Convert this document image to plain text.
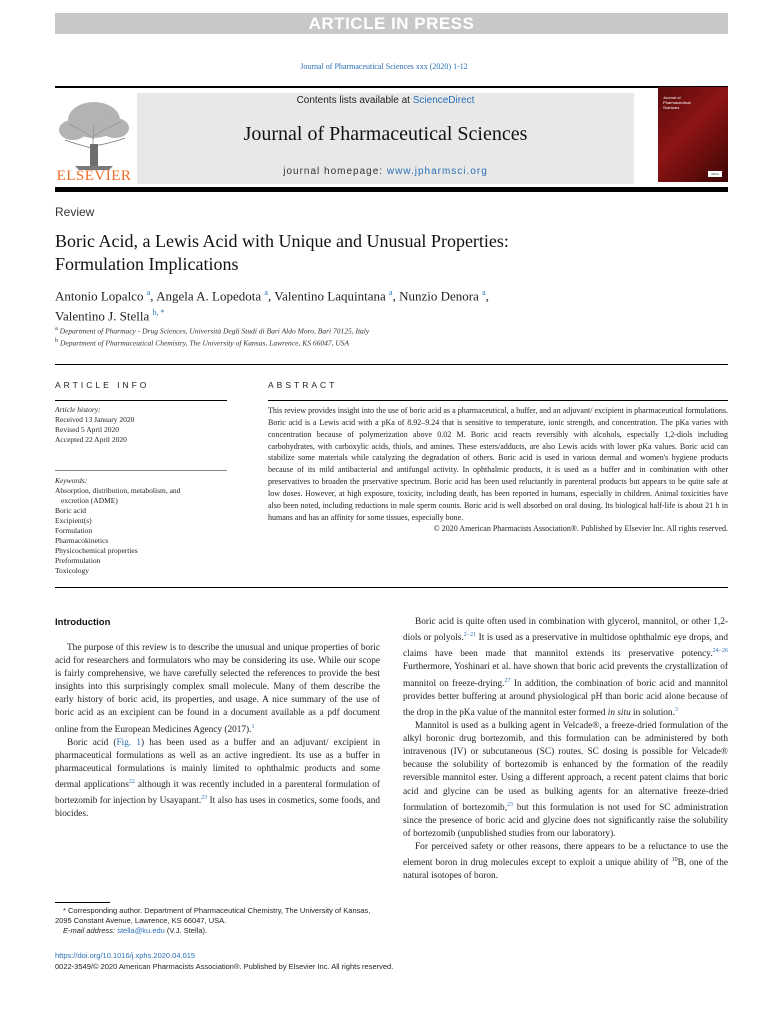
ARTICLE IN PRESS
Journal of Pharmaceutical Sciences xxx (2020) 1-12
ELSEVIER
Contents lists available at ScienceDirect
Journal of Pharmaceutical Sciences
journal homepage: www.jpharmsci.org
Journal of
Pharmaceutical
Sciences
APhA
Review
Boric Acid, a Lewis Acid with Unique and Unusual Properties:
Formulation Implications
Antonio Lopalco $^a$, Angela A. Lopedota $^a$, Valentino Laquintana $^a$, Nunzio Denora $^a$,
Valentino J. Stella $^{b, *}$
$^a$ Department of Pharmacy - Drug Sciences, Università Degli Studi di Bari Aldo Moro, Bari 70125, Italy
$^b$ Department of Pharmaceutical Chemistry, The University of Kansas, Lawrence, KS 66047, USA
ARTICLE INFO
Article history:
Received 13 January 2020
Revised 5 April 2020
Accepted 22 April 2020
Keywords:
Absorption, distribution, metabolism, and
excretion (ADME)
Boric acid
Excipient(s)
Formulation
Pharmacokinetics
Physicochemical properties
Preformulation
Toxicology
ABSTRACT
This review provides insight into the use of boric acid as a pharmaceutical, a buffer, and an adjuvant/ excipient in pharmaceutical formulations. Boric acid is a Lewis acid with a pKa of 8.92–9.24 that is sensitive to temperature, ionic strength, and concentration. The pKa varies with concentration because of polymerization above 0.02 M. Boric acid reacts reversibly with alcohols, especially 1,2-diols including carbohydrates, with carboxylic acids, thiols, and amines. These esters/adducts, are also Lewis acids with lower pKa values. Boric acid can stabilize some materials while catalyzing the degradation of others. Boric acid is used in various dermal and women's hygiene products because of its mild antibacterial and antifungal activity. In ophthalmic products, it is used as a buffer and in combination with other preservatives to broaden the prservative spectrum. Boric acid has been used reluctantly in parenteral products but appears to be quite safe at low doses. However, at high exposure, toxicity, including death, has been reported in humans, especially in children. Animal toxicities have also been noted, including reductions in male sperm counts. Boric acid is well absorbed on oral dosing. Its biological half-life is about 21 h in humans and has an affinity for some tissues, especially bone.
© 2020 American Pharmacists Association®. Published by Elsevier Inc. All rights reserved.
Introduction

The purpose of this review is to describe the unusual and unique properties of boric acid for researchers and formulators who may be considering its use. While our scope is fairly comprehensive, we have carefully selected the references to provide the best insights into this surprisingly complex small molecule. Many of them describe the early history of boric acid, its properties, and usage. A nice summary of the use of boric acid as an excipient can be found in a document available as a pdf document online from the European Medicines Agency (2017).$^1$

Boric acid (Fig. 1) has been used as a buffer and an adjuvant/ excipient in pharmaceutical formulations as well as an active ingredient. Its use as a buffer in pharmaceutical formulations is mainly limited to ophthalmic products and some dermal applications$^{22}$ although it was recently included in a parenteral formulation of bortezomib for injection by Usayapant.$^{23}$ It also has uses in cosmetics, some foods, and biocides.

Boric acid is quite often used in combination with glycerol, mannitol, or other 1,2-diols or polyols.$^{2-21}$ It is used as a preservative in multidose ophthalmic eye drops, and claims have been made that mannitol extends its preservative potency.$^{24-26}$ Furthermore, Yoshinari et al. have shown that boric acid prevents the crystallization of mannitol on freeze-drying.$^{27}$ In addition, the combination of boric acid and mannitol provides better buffering at around physiological pH than boric acid alone because of the drop in the pKa value of the mannitol ester formed in situ in solution.$^3$

Mannitol is used as a bulking agent in Velcade®, a freeze-dried formulation of the alkyl boronic drug bortezomib, and this formulation can be administered by both intravenous (IV) or subcutaneous (SC) routes. SC dosing is possible for Velcade® because the solubility of bortezomib is enhanced by the formation of the readily reversible mannitol ester. Using a different approach, a recent patent claims that boric acid and glycine can be used as bulking agents for an alternative freeze-dried formulation of bortezomib,$^{23}$ but this formulation is not used for SC administration since the presence of boric acid and glycine does not significantly raise the solubility of bortezomib (unpublished studies from our laboratory).

For perceived safety or other reasons, there appears to be a reluctance to use the element boron in drug molecules except to exploit a unique ability of $^{10}$B, one of the natural isotopes of boron.

* Corresponding author. Department of Pharmaceutical Chemistry, The University of Kansas, 2095 Constant Avenue, Lawrence, KS 66047, USA.
E-mail address: stella@ku.edu (V.J. Stella).
https://doi.org/10.1016/j.xphs.2020.04.015
0022-3549/© 2020 American Pharmacists Association®. Published by Elsevier Inc. All rights reserved.
